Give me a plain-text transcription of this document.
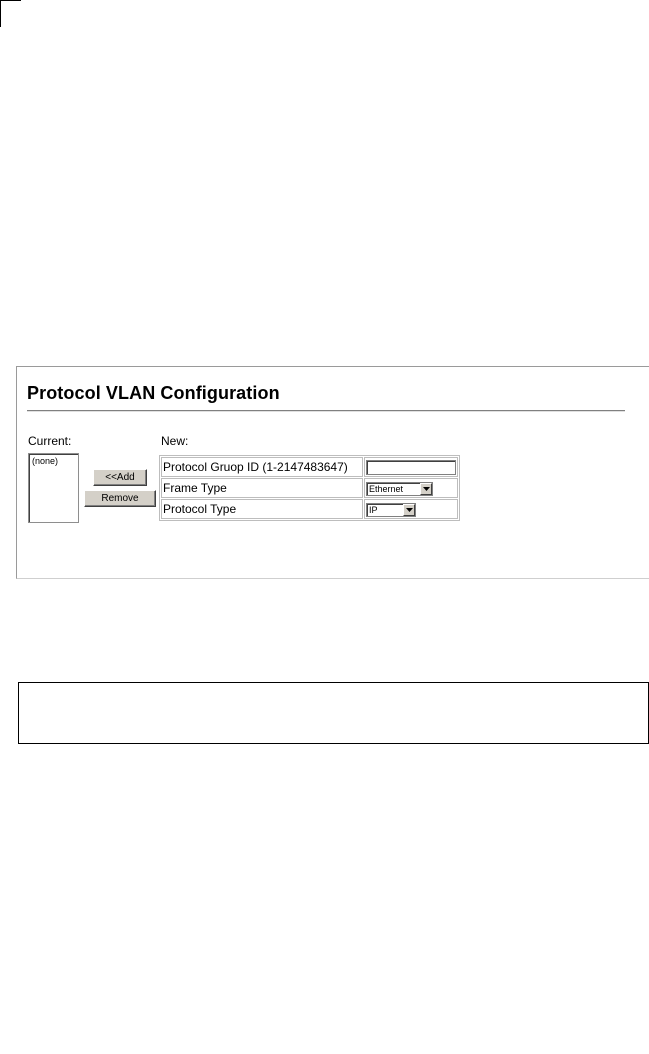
Protocol VLAN Configuration
Current:
(none)
<<Add
Remove
New:
Protocol Gruop ID (1-2147483647)	
Frame Type	Ethernet

Protocol Type	IP
